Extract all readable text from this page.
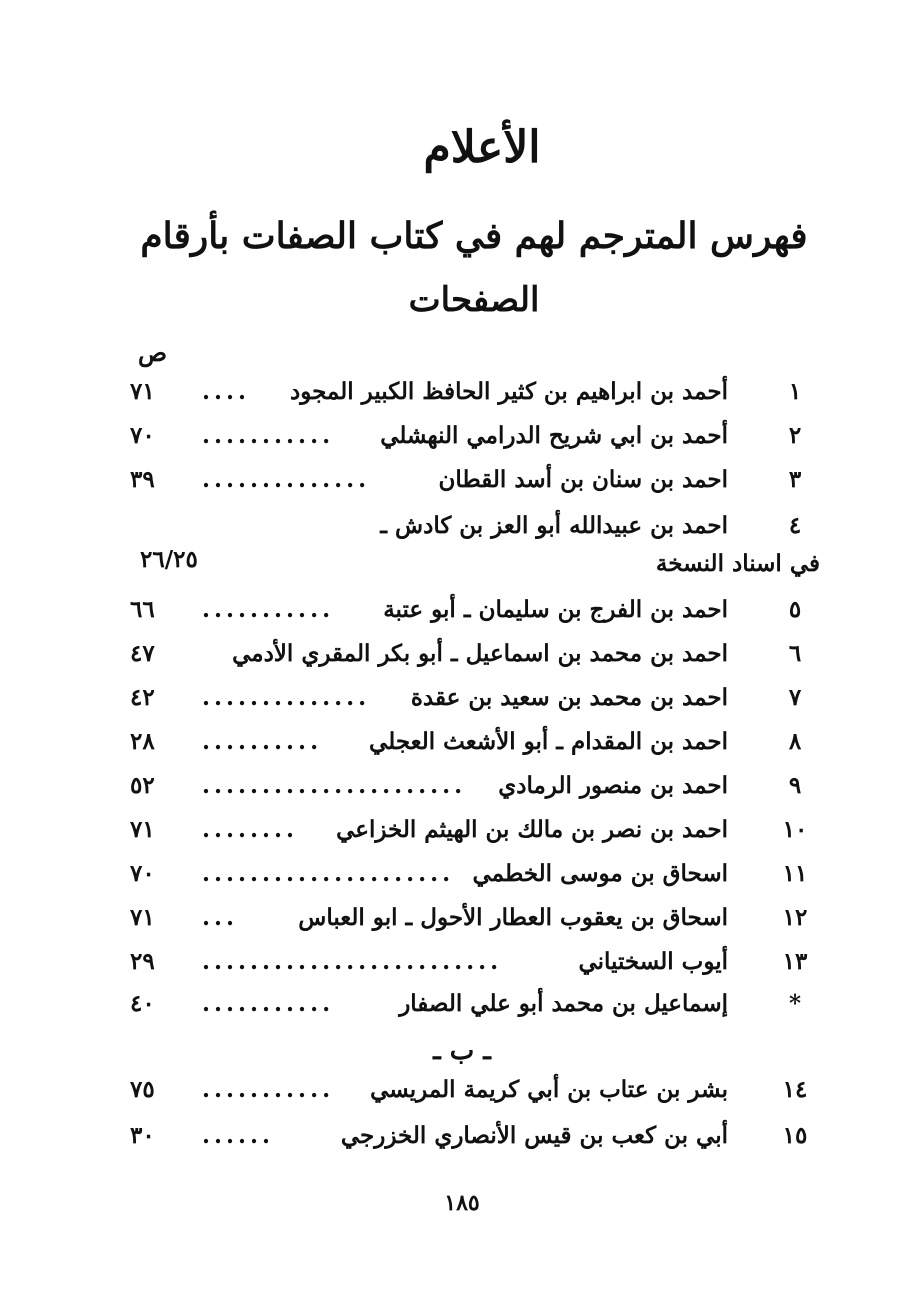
الأعلام
فهرس المترجم لهم في كتاب الصفات بأرقام
الصفحات
ص
١
أحمد بن ابراهيم بن كثير الحافظ الكبير المجود
....
٧١
٢
أحمد بن ابي شريح الدرامي النهشلي
...........
٧٠
٣
احمد بن سنان بن أسد القطان
..............
٣٩
٤
احمد بن عبيدالله أبو العز بن كادش ـ
في اسناد النسخة
٢٦/٢٥
٥
احمد بن الفرج بن سليمان ـ أبو عتبة
...........
٦٦
٦
احمد بن محمد بن اسماعيل ـ أبو بكر المقري الأدمي
٤٧
٧
احمد بن محمد بن سعيد بن عقدة
..............
٤٢
٨
احمد بن المقدام ـ أبو الأشعث العجلي
..........
٢٨
٩
احمد بن منصور الرمادي
......................
٥٢
١٠
احمد بن نصر بن مالك بن الهيثم الخزاعي
........
٧١
١١
اسحاق بن موسى الخطمي
.....................
٧٠
١٢
اسحاق بن يعقوب العطار الأحول ـ ابو العباس
...
٧١
١٣
أيوب السختياني
.........................
٢٩
*
إسماعيل بن محمد أبو علي الصفار
...........
٤٠
ـ ب ـ
١٤
بشر بن عتاب بن أبي كريمة المريسي
...........
٧٥
١٥
أبي بن كعب بن قيس الأنصاري الخزرجي
......
٣٠
١٨٥
